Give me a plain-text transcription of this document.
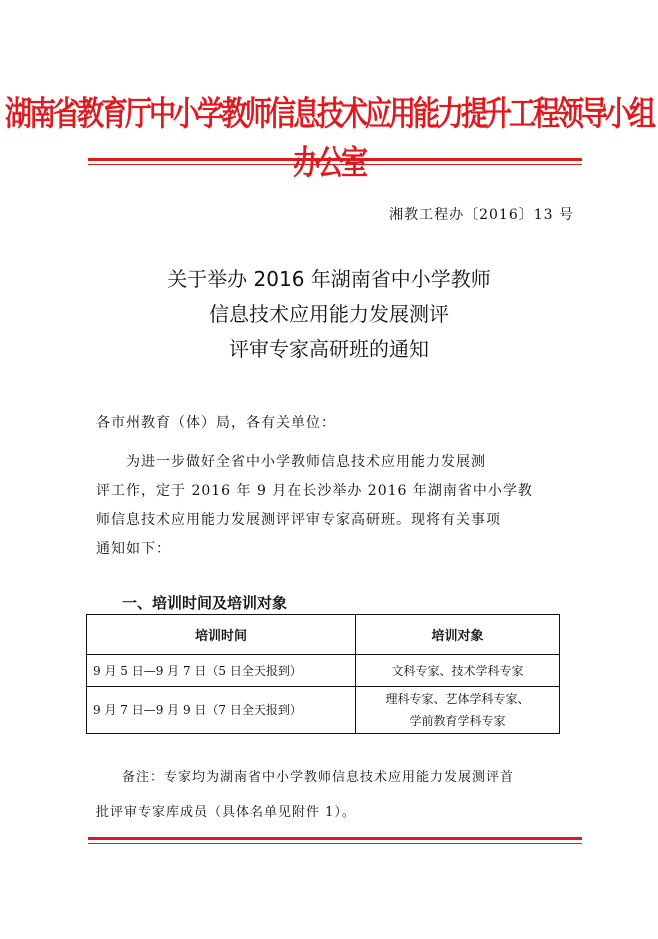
湖南省教育厅中小学教师信息技术应用能力提升工程领导小组
湘教工程办〔2016〕13 号
关于举办 2016 年湖南省中小学教师
信息技术应用能力发展测评
评审专家高研班的通知
各市州教育（体）局，各有关单位：
为进一步做好全省中小学教师信息技术应用能力发展测
评工作，定于 2016 年 9 月在长沙举办 2016 年湖南省中小学教
师信息技术应用能力发展测评评审专家高研班。现将有关事项
通知如下：
一、培训时间及培训对象
培训时间	培训对象
9 月 5 日—9 月 7 日（5 日全天报到）	文科专家、技术学科专家

9 月 7 日—9 月 9 日（7 日全天报到）	理科专家、艺体学科专家、
学前教育学科专家
备注：专家均为湖南省中小学教师信息技术应用能力发展测评首
批评审专家库成员（具体名单见附件 1）。
